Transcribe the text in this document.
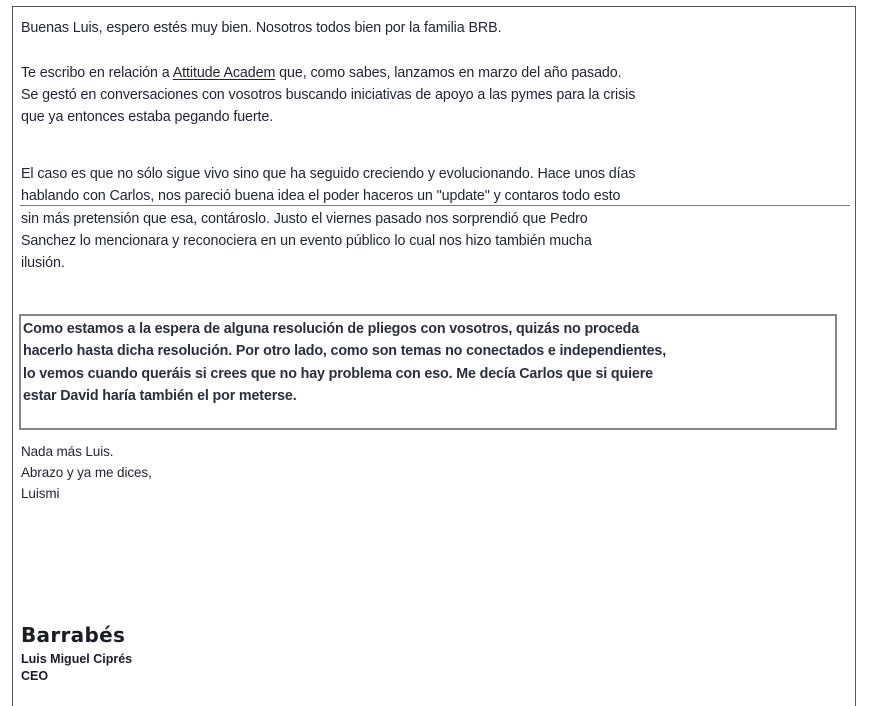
Buenas Luis, espero estés muy bien. Nosotros todos bien por la familia BRB.

Te escribo en relación a Attitude Academ que, como sabes, lanzamos en marzo del año pasado.

Se gestó en conversaciones con vosotros buscando iniciativas de apoyo a las pymes para la crisis

que ya entonces estaba pegando fuerte.

El caso es que no sólo sigue vivo sino que ha seguido creciendo y evolucionando. Hace unos días

hablando con Carlos, nos pareció buena idea el poder haceros un "update" y contaros todo esto

sin más pretensión que esa, contároslo. Justo el viernes pasado nos sorprendió que Pedro

Sanchez lo mencionara y reconociera en un evento público lo cual nos hizo también mucha

ilusión.

Como estamos a la espera de alguna resolución de pliegos con vosotros, quizás no proceda
hacerlo hasta dicha resolución. Por otro lado, como son temas no conectados e independientes,
lo vemos cuando queráis si crees que no hay problema con eso. Me decía Carlos que si quiere
estar David haría también el por meterse.

Nada más Luis.

Abrazo y ya me dices,

Luismi

Barrabés
Luis Miguel Ciprés
CEO
